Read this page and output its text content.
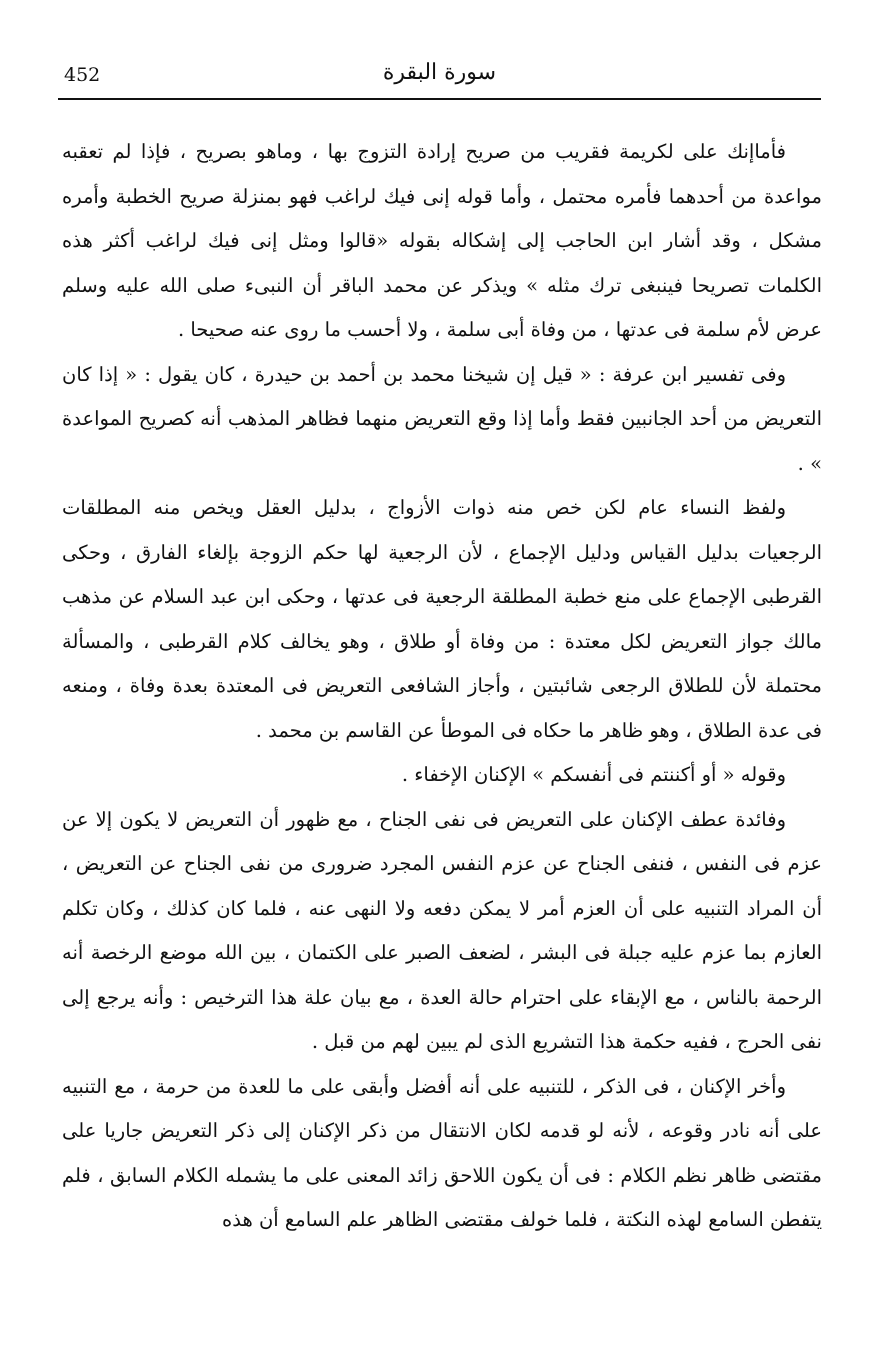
452	سورة البقرة

فأماإنك على لكريمة فقريب من صريح إرادة التزوج بها ، وماهو بصريح ، فإذا لم تعقبه مواعدة من أحدهما فأمره محتمل ، وأما قوله إنى فيك لراغب فهو بمنزلة صريح الخطبة وأمره مشكل ، وقد أشار ابن الحاجب إلى إشكاله بقوله «قالوا ومثل إنى فيك لراغب أكثر هذه الكلمات تصريحا فينبغى ترك مثله » ويذكر عن محمد الباقر أن النبىء صلى الله عليه وسلم عرض لأم سلمة فى عدتها ، من وفاة أبى سلمة ، ولا أحسب ما روى عنه صحيحا .

وفى تفسير ابن عرفة : « قيل إن شيخنا محمد بن أحمد بن حيدرة ، كان يقول : « إذا كان التعريض من أحد الجانبين فقط وأما إذا وقع التعريض منهما فظاهر المذهب أنه كصريح المواعدة » .

ولفظ النساء عام لكن خص منه ذوات الأزواج ، بدليل العقل ويخص منه المطلقات الرجعيات بدليل القياس ودليل الإجماع ، لأن الرجعية لها حكم الزوجة بإلغاء الفارق ، وحكى القرطبى الإجماع على منع خطبة المطلقة الرجعية فى عدتها ، وحكى ابن عبد السلام عن مذهب مالك جواز التعريض لكل معتدة : من وفاة أو طلاق ، وهو يخالف كلام القرطبى ، والمسألة محتملة لأن للطلاق الرجعى شائبتين ، وأجاز الشافعى التعريض فى المعتدة بعدة وفاة ، ومنعه فى عدة الطلاق ، وهو ظاهر ما حكاه فى الموطأ عن القاسم بن محمد .

وقوله « أو أكننتم فى أنفسكم » الإكنان الإخفاء .

وفائدة عطف الإكنان على التعريض فى نفى الجناح ، مع ظهور أن التعريض لا يكون إلا عن عزم فى النفس ، فنفى الجناح عن عزم النفس المجرد ضرورى من نفى الجناح عن التعريض ، أن المراد التنبيه على أن العزم أمر لا يمكن دفعه ولا النهى عنه ، فلما كان كذلك ، وكان تكلم العازم بما عزم عليه جبلة فى البشر ، لضعف الصبر على الكتمان ، بين الله موضع الرخصة أنه الرحمة بالناس ، مع الإبقاء على احترام حالة العدة ، مع بيان علة هذا الترخيص : وأنه يرجع إلى نفى الحرج ، ففيه حكمة هذا التشريع الذى لم يبين لهم من قبل .

وأخر الإكنان ، فى الذكر ، للتنبيه على أنه أفضل وأبقى على ما للعدة من حرمة ، مع التنبيه على أنه نادر وقوعه ، لأنه لو قدمه لكان الانتقال من ذكر الإكنان إلى ذكر التعريض جاريا على مقتضى ظاهر نظم الكلام : فى أن يكون اللاحق زائد المعنى على ما يشمله الكلام السابق ، فلم يتفطن السامع لهذه النكتة ، فلما خولف مقتضى الظاهر علم السامع أن هذه
